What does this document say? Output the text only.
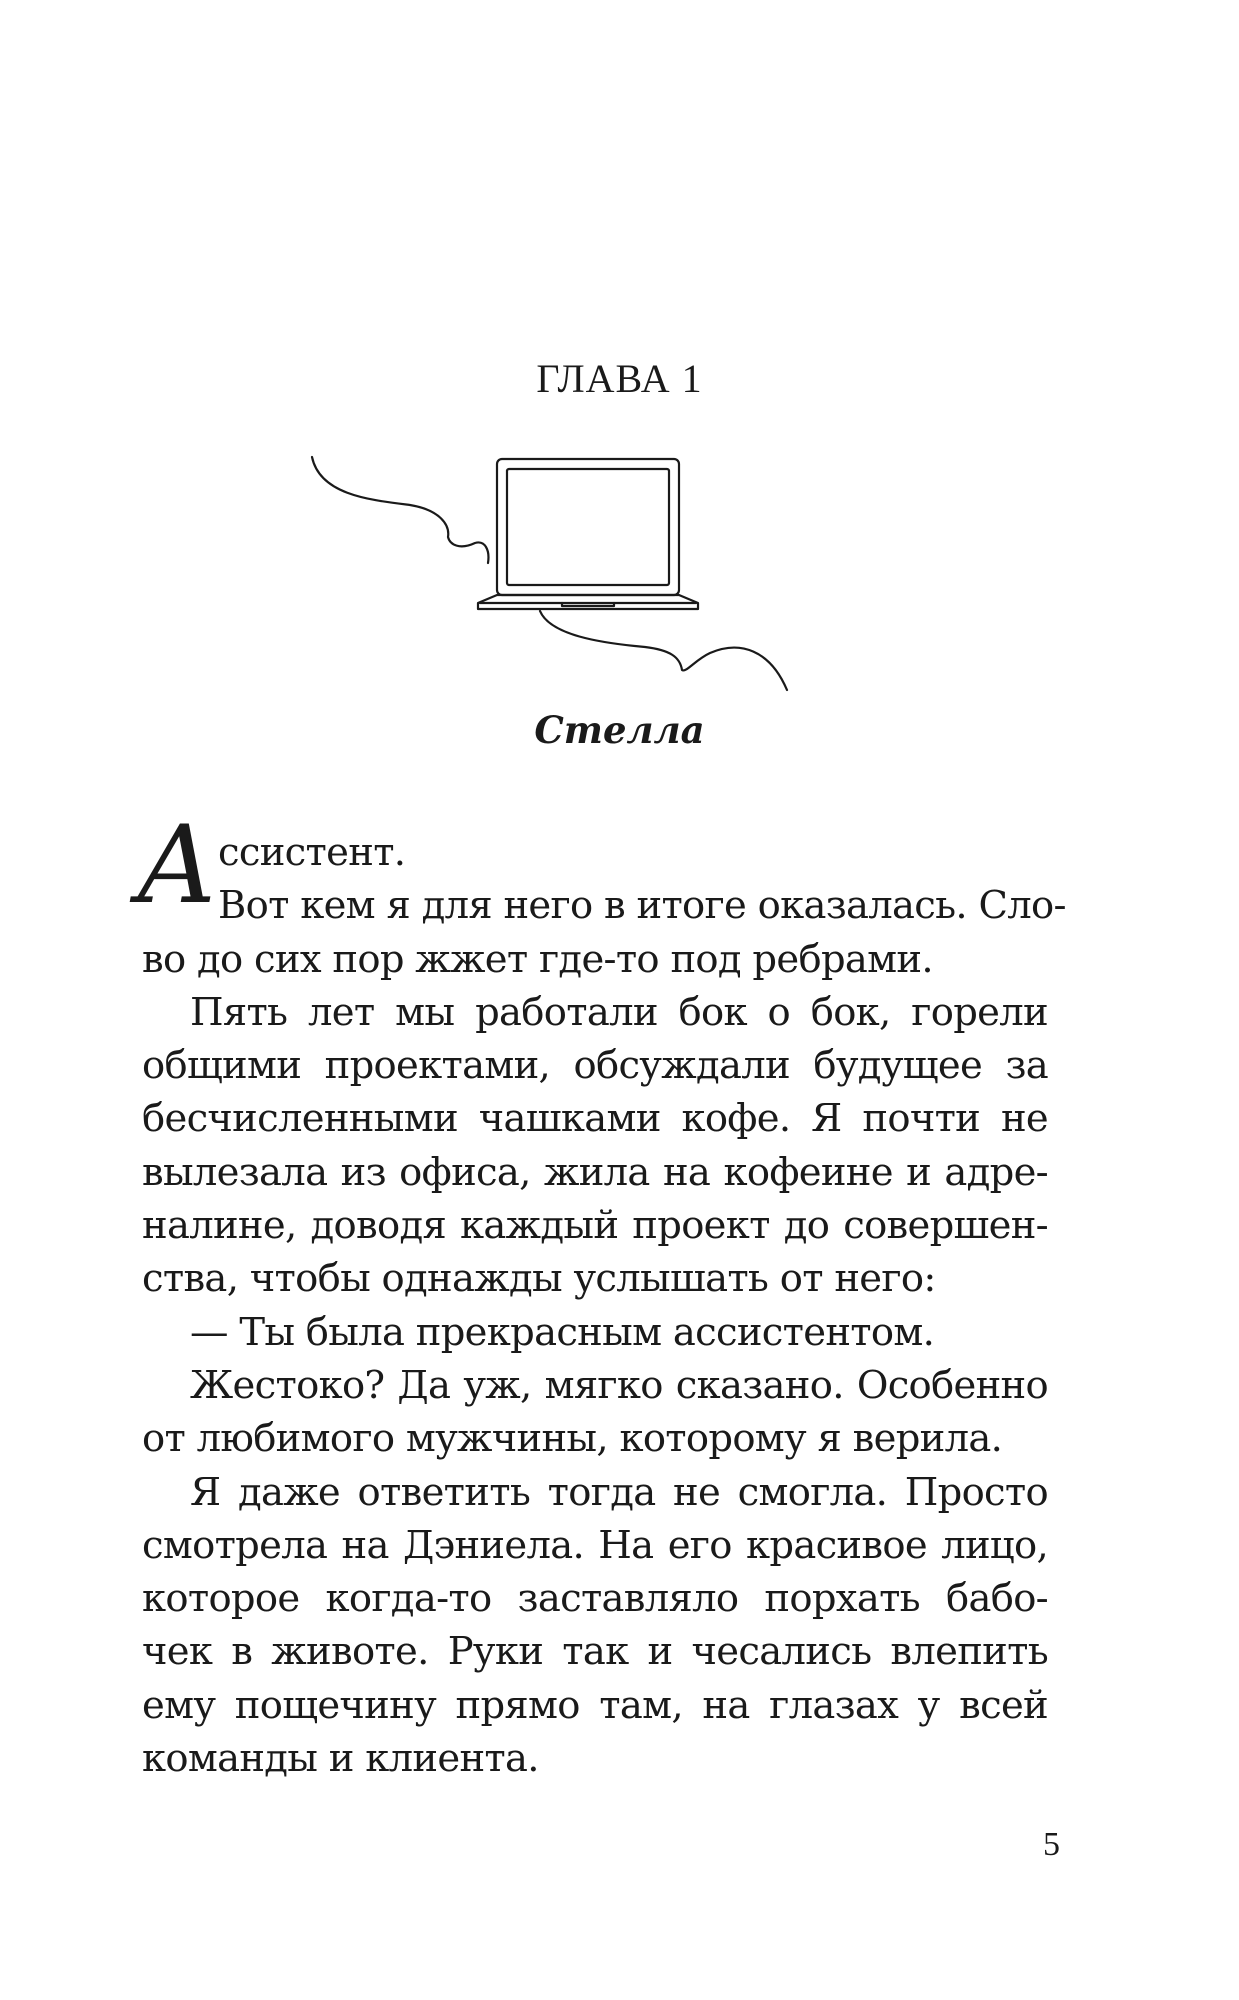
ГЛАВА 1
Стелла
А ссистент.
Вот кем я для него в итоге оказалась. Сло-
во до сих пор жжет где-то под ребрами.
Пять лет мы работали бок о бок, горели
общими проектами, обсуждали будущее за
бесчисленными чашками кофе. Я почти не
вылезала из офиса, жила на кофеине и адре-
налине, доводя каждый проект до совершен-
ства, чтобы однажды услышать от него:
— Ты была прекрасным ассистентом.
Жестоко? Да уж, мягко сказано. Особенно
от любимого мужчины, которому я верила.
Я даже ответить тогда не смогла. Просто
смотрела на Дэниела. На его красивое лицо,
которое когда-то заставляло порхать бабо-
чек в животе. Руки так и чесались влепить
ему пощечину прямо там, на глазах у всей
команды и клиента.
5
